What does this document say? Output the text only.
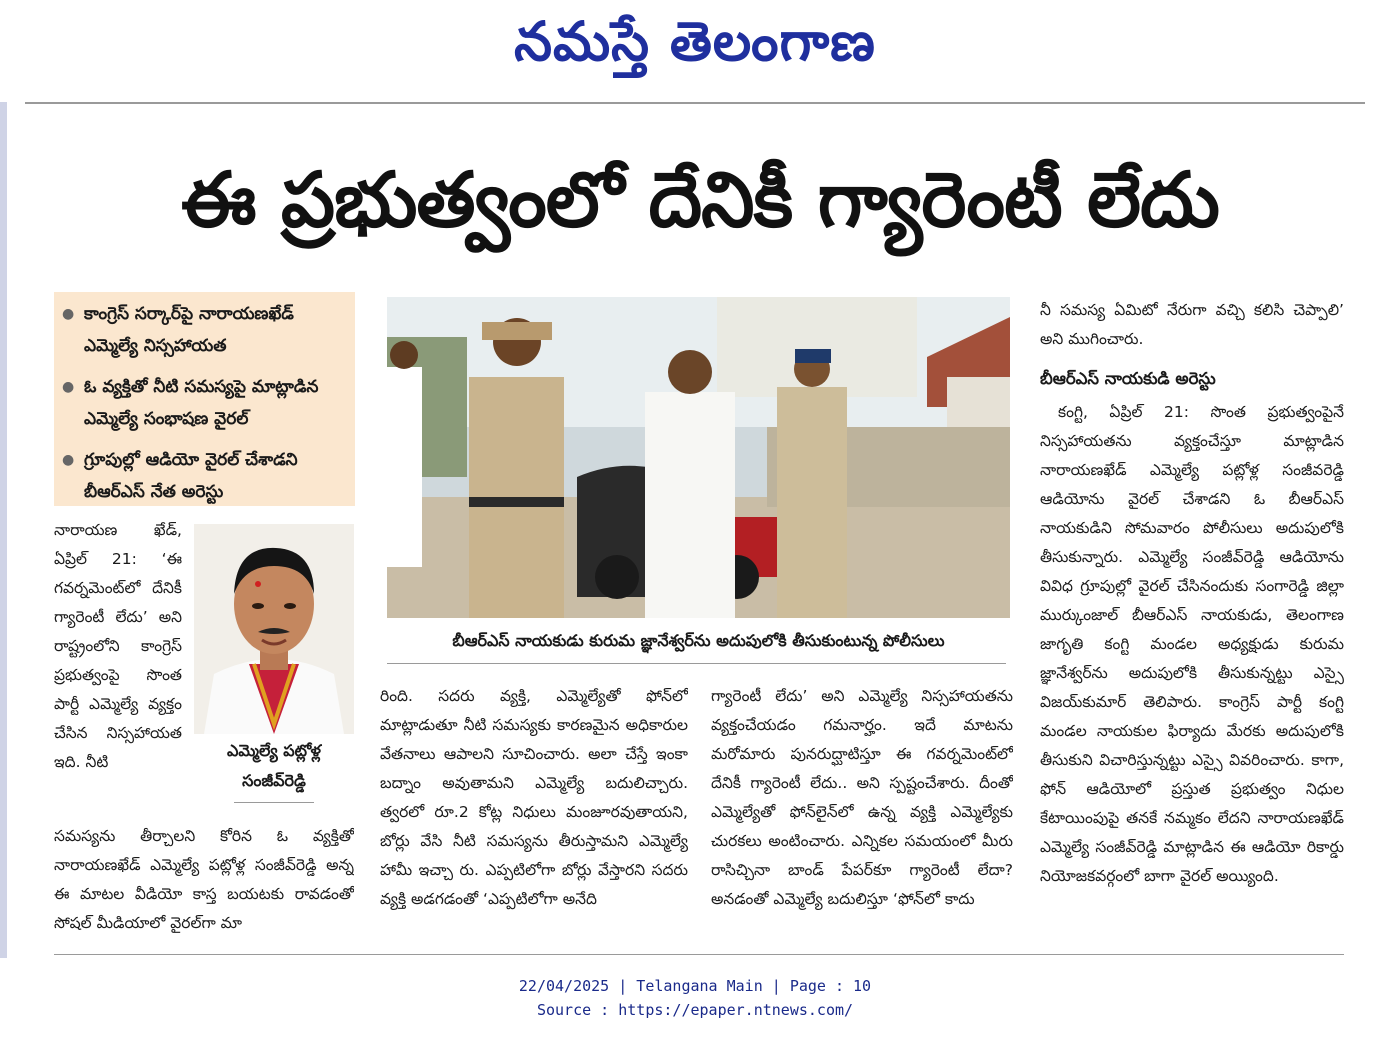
నమస్తే తెలంగాణ
ఈ ప్రభుత్వంలో దేనికీ గ్యారెంటీ లేదు
● కాంగ్రెస్ సర్కార్‌పై నారాయణఖేడ్ ఎమ్మెల్యే నిస్సహాయత
● ఓ వ్యక్తితో నీటి సమస్యపై మాట్లాడిన ఎమ్మెల్యే సంభాషణ వైరల్
● గ్రూపుల్లో ఆడియో వైరల్ చేశాడని బీఆర్ఎస్ నేత అరెస్టు
నారాయణ ఖేడ్, ఏప్రిల్ 21: ‘ఈ గవర్నమెంట్‌లో దేనికీ గ్యారెంటీ లేదు’ అని రాష్ట్రంలోని కాంగ్రెస్ ప్రభుత్వంపై సొంత పార్టీ ఎమ్మెల్యే వ్యక్తం చేసిన నిస్సహాయత ఇది. నీటి
ఎమ్మెల్యే పట్లోళ్ల
సంజీవ్‌రెడ్డి
సమస్యను తీర్చాలని కోరిన ఓ వ్యక్తితో నారాయణఖేడ్ ఎమ్మెల్యే పట్లోళ్ల సంజీవ్‌రెడ్డి అన్న ఈ మాటల వీడియో కాస్త బయటకు రావడంతో సోషల్ మీడియాలో వైరల్‌గా మా
బీఆర్ఎస్ నాయకుడు కురుమ జ్ఞానేశ్వర్‌ను అదుపులోకి తీసుకుంటున్న పోలీసులు
రింది. సదరు వ్యక్తి, ఎమ్మెల్యేతో ఫోన్‌లో మాట్లాడుతూ నీటి సమస్యకు కారణమైన అధికారుల వేతనాలు ఆపాలని సూచించారు. అలా చేస్తే ఇంకా బద్నాం అవుతామని ఎమ్మెల్యే బదులిచ్చారు. త్వరలో రూ.2 కోట్ల నిధులు మంజూరవుతాయని, బోర్లు వేసి నీటి సమస్యను తీరుస్తామని ఎమ్మెల్యే హామీ ఇచ్చా రు. ఎప్పటిలోగా బోర్లు వేస్తారని సదరు వ్యక్తి అడగడంతో ‘ఎప్పటిలోగా అనేది
గ్యారెంటీ లేదు’ అని ఎమ్మెల్యే నిస్సహాయతను వ్యక్తంచేయడం గమనార్హం. ఇదే మాటను మరోమారు పునరుద్ఘాటిస్తూ ఈ గవర్నమెంట్‌లో దేనికీ గ్యారెంటీ లేదు.. అని స్పష్టంచేశారు. దీంతో ఎమ్మెల్యేతో ఫోన్‌లైన్‌లో ఉన్న వ్యక్తి ఎమ్మెల్యేకు చురకలు అంటించారు. ఎన్నికల సమయంలో మీరు రాసిచ్చినా బాండ్ పేపర్‌కూ గ్యారెంటీ లేదా? అనడంతో ఎమ్మెల్యే బదులిస్తూ ‘ఫోన్‌లో కాదు
నీ సమస్య ఏమిటో నేరుగా వచ్చి కలిసి చెప్పాలి’ అని ముగించారు.
బీఆర్ఎస్ నాయకుడి అరెస్టు
కంగ్టి, ఏప్రిల్ 21: సొంత ప్రభుత్వంపైనే నిస్సహాయతను వ్యక్తంచేస్తూ మాట్లాడిన నారాయణఖేడ్ ఎమ్మెల్యే పట్లోళ్ల సంజీవరెడ్డి ఆడియోను వైరల్ చేశాడని ఓ బీఆర్ఎస్ నాయకుడిని సోమవారం పోలీసులు అదుపులోకి తీసుకున్నారు. ఎమ్మెల్యే సంజీవ్‌రెడ్డి ఆడియోను వివిధ గ్రూపుల్లో వైరల్ చేసినందుకు సంగారెడ్డి జిల్లా ముర్కుంజాల్ బీఆర్ఎస్ నాయకుడు, తెలంగాణ జాగృతి కంగ్టి మండల అధ్యక్షుడు కురుమ జ్ఞానేశ్వర్‌ను అదుపులోకి తీసుకున్నట్టు ఎస్సై విజయ్‌కుమార్ తెలిపారు. కాంగ్రెస్ పార్టీ కంగ్టి మండల నాయకుల ఫిర్యాదు మేరకు అదుపులోకి తీసుకుని విచారిస్తున్నట్టు ఎస్సై వివరించారు. కాగా, ఫోన్ ఆడియోలో ప్రస్తుత ప్రభుత్వం నిధుల కేటాయింపుపై తనకే నమ్మకం లేదని నారాయణఖేడ్ ఎమ్మెల్యే సంజీవ్‌రెడ్డి మాట్లాడిన ఈ ఆడియో రికార్డు నియోజకవర్గంలో బాగా వైరల్ అయ్యింది.
22/04/2025 | Telangana Main | Page : 10
Source : https://epaper.ntnews.com/
